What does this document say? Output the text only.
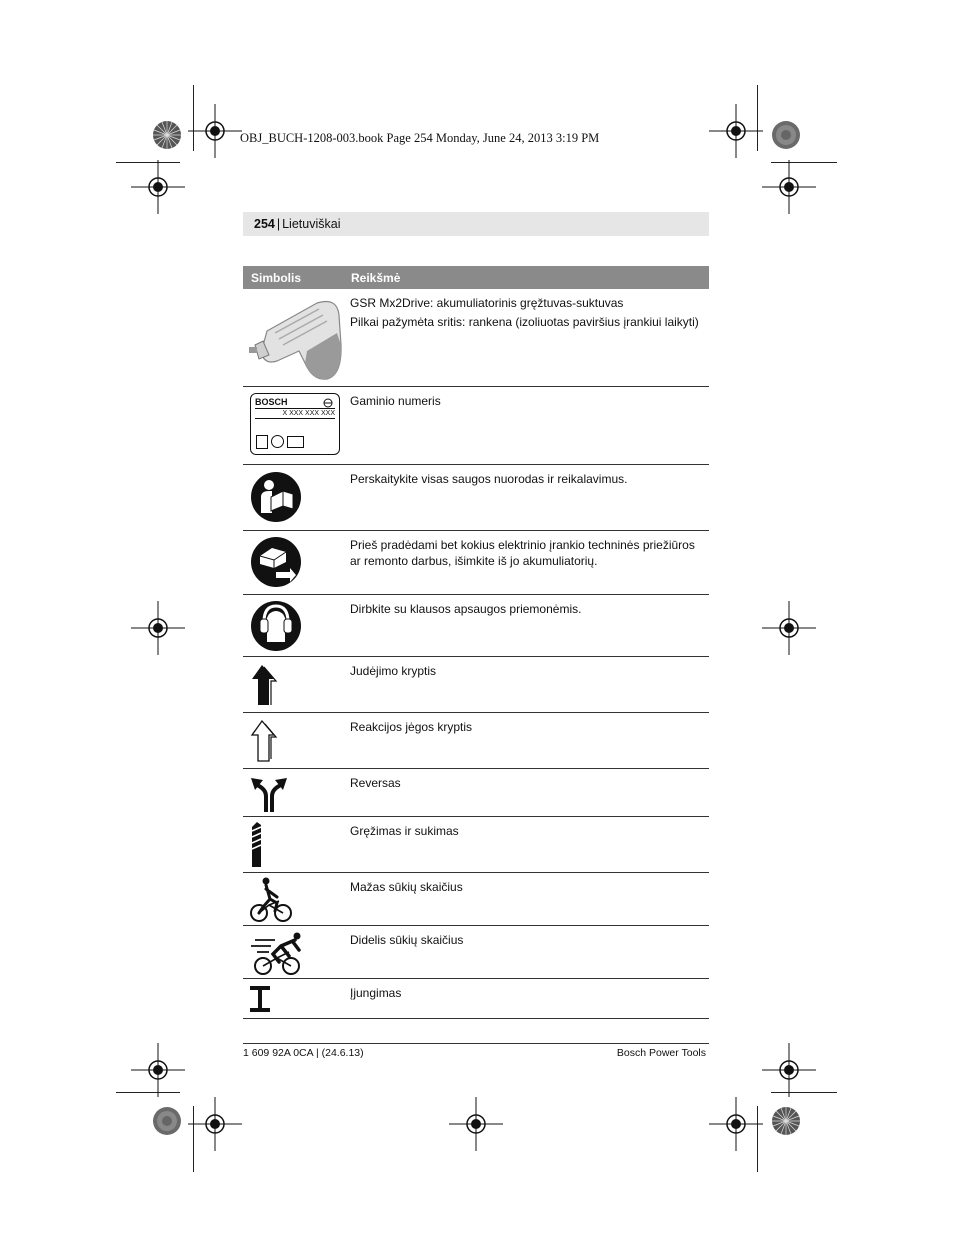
OBJ_BUCH-1208-003.book Page 254 Monday, June 24, 2013 3:19 PM
254 | Lietuviškai
Simbolis	Reikšmė
GSR Mx2Drive: akumuliatorinis gręžtuvas-suktuvas
Pilkai pažymėta sritis: rankena (izoliuotas paviršius įrankiui laikyti)
BOSCH
X XXX XXX XXX
Gaminio numeris
Perskaitykite visas saugos nuorodas ir reikalavimus.
Prieš pradėdami bet kokius elektrinio įrankio techninės priežiūros ar remonto darbus, išimkite iš jo akumuliatorių.
Dirbkite su klausos apsaugos priemonėmis.
Judėjimo kryptis
Reakcijos jėgos kryptis
Reversas
Gręžimas ir sukimas
Mažas sūkių skaičius
Didelis sūkių skaičius
Įjungimas
1 609 92A 0CA | (24.6.13)	Bosch Power Tools
